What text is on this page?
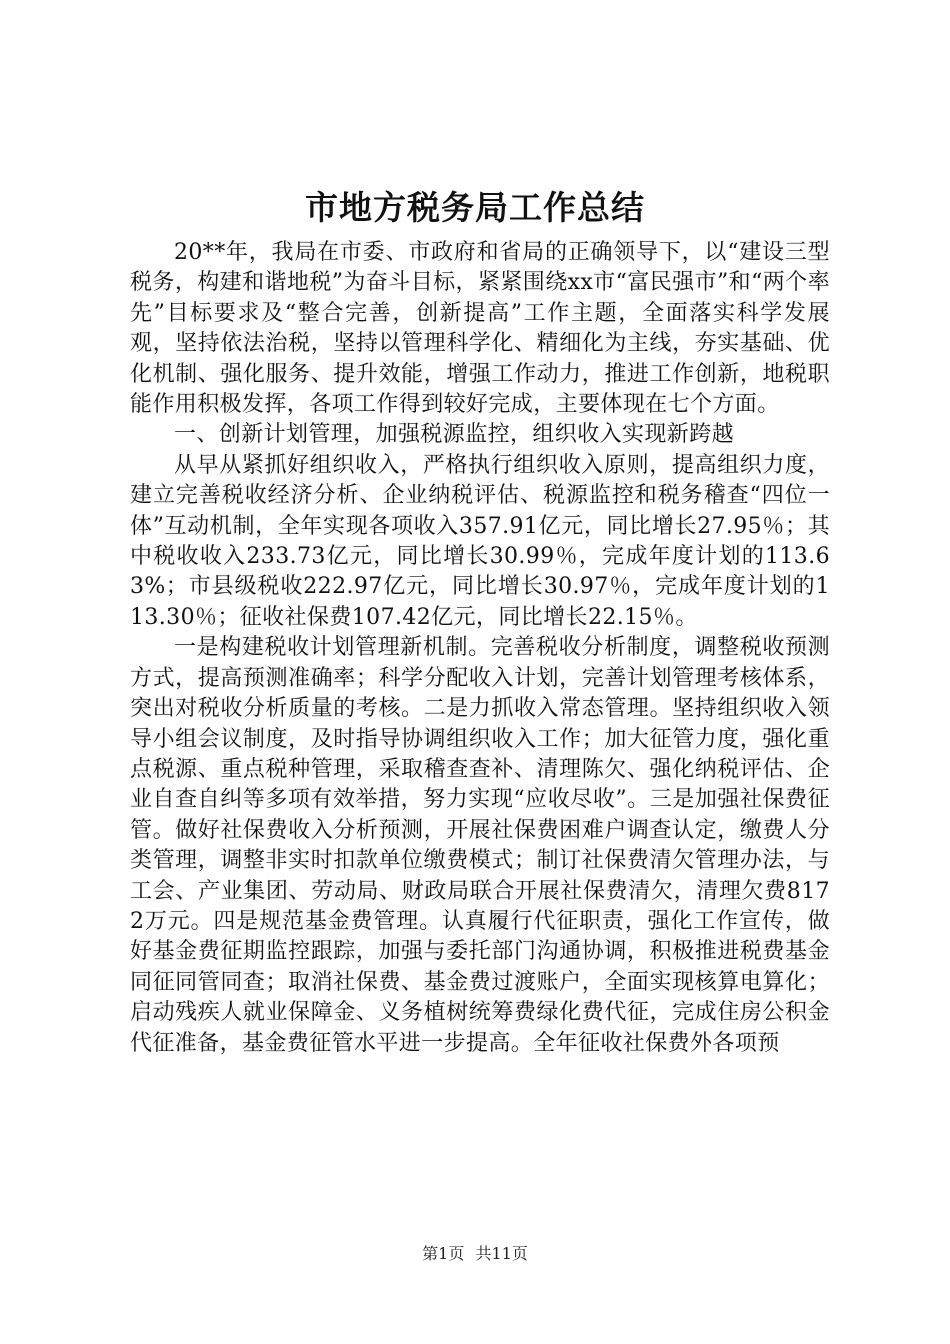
市地方税务局工作总结

20**年，我局在市委、市政府和省局的正确领导下，以“建设三型税务，构建和谐地税”为奋斗目标，紧紧围绕xx市“富民强市”和“两个率先”目标要求及“整合完善，创新提高”工作主题，全面落实科学发展观，坚持依法治税，坚持以管理科学化、精细化为主线，夯实基础、优化机制、强化服务、提升效能，增强工作动力，推进工作创新，地税职能作用积极发挥，各项工作得到较好完成，主要体现在七个方面。

一、创新计划管理，加强税源监控，组织收入实现新跨越

从早从紧抓好组织收入，严格执行组织收入原则，提高组织力度，建立完善税收经济分析、企业纳税评估、税源监控和税务稽查“四位一体”互动机制，全年实现各项收入357.91亿元，同比增长27.95％；其中税收收入233.73亿元，同比增长30.99％，完成年度计划的113.63%；市县级税收222.97亿元，同比增长30.97％，完成年度计划的113.30％；征收社保费107.42亿元，同比增长22.15％。

一是构建税收计划管理新机制。完善税收分析制度，调整税收预测方式，提高预测准确率；科学分配收入计划，完善计划管理考核体系，突出对税收分析质量的考核。二是力抓收入常态管理。坚持组织收入领导小组会议制度，及时指导协调组织收入工作；加大征管力度，强化重点税源、重点税种管理，采取稽查查补、清理陈欠、强化纳税评估、企业自查自纠等多项有效举措，努力实现“应收尽收”。三是加强社保费征管。做好社保费收入分析预测，开展社保费困难户调查认定，缴费人分类管理，调整非实时扣款单位缴费模式；制订社保费清欠管理办法，与工会、产业集团、劳动局、财政局联合开展社保费清欠，清理欠费8172万元。四是规范基金费管理。认真履行代征职责，强化工作宣传，做好基金费征期监控跟踪，加强与委托部门沟通协调，积极推进税费基金同征同管同查；取消社保费、基金费过渡账户，全面实现核算电算化；启动残疾人就业保障金、义务植树统筹费绿化费代征，完成住房公积金代征准备，基金费征管水平进一步提高。全年征收社保费外各项预

第1页 共11页
